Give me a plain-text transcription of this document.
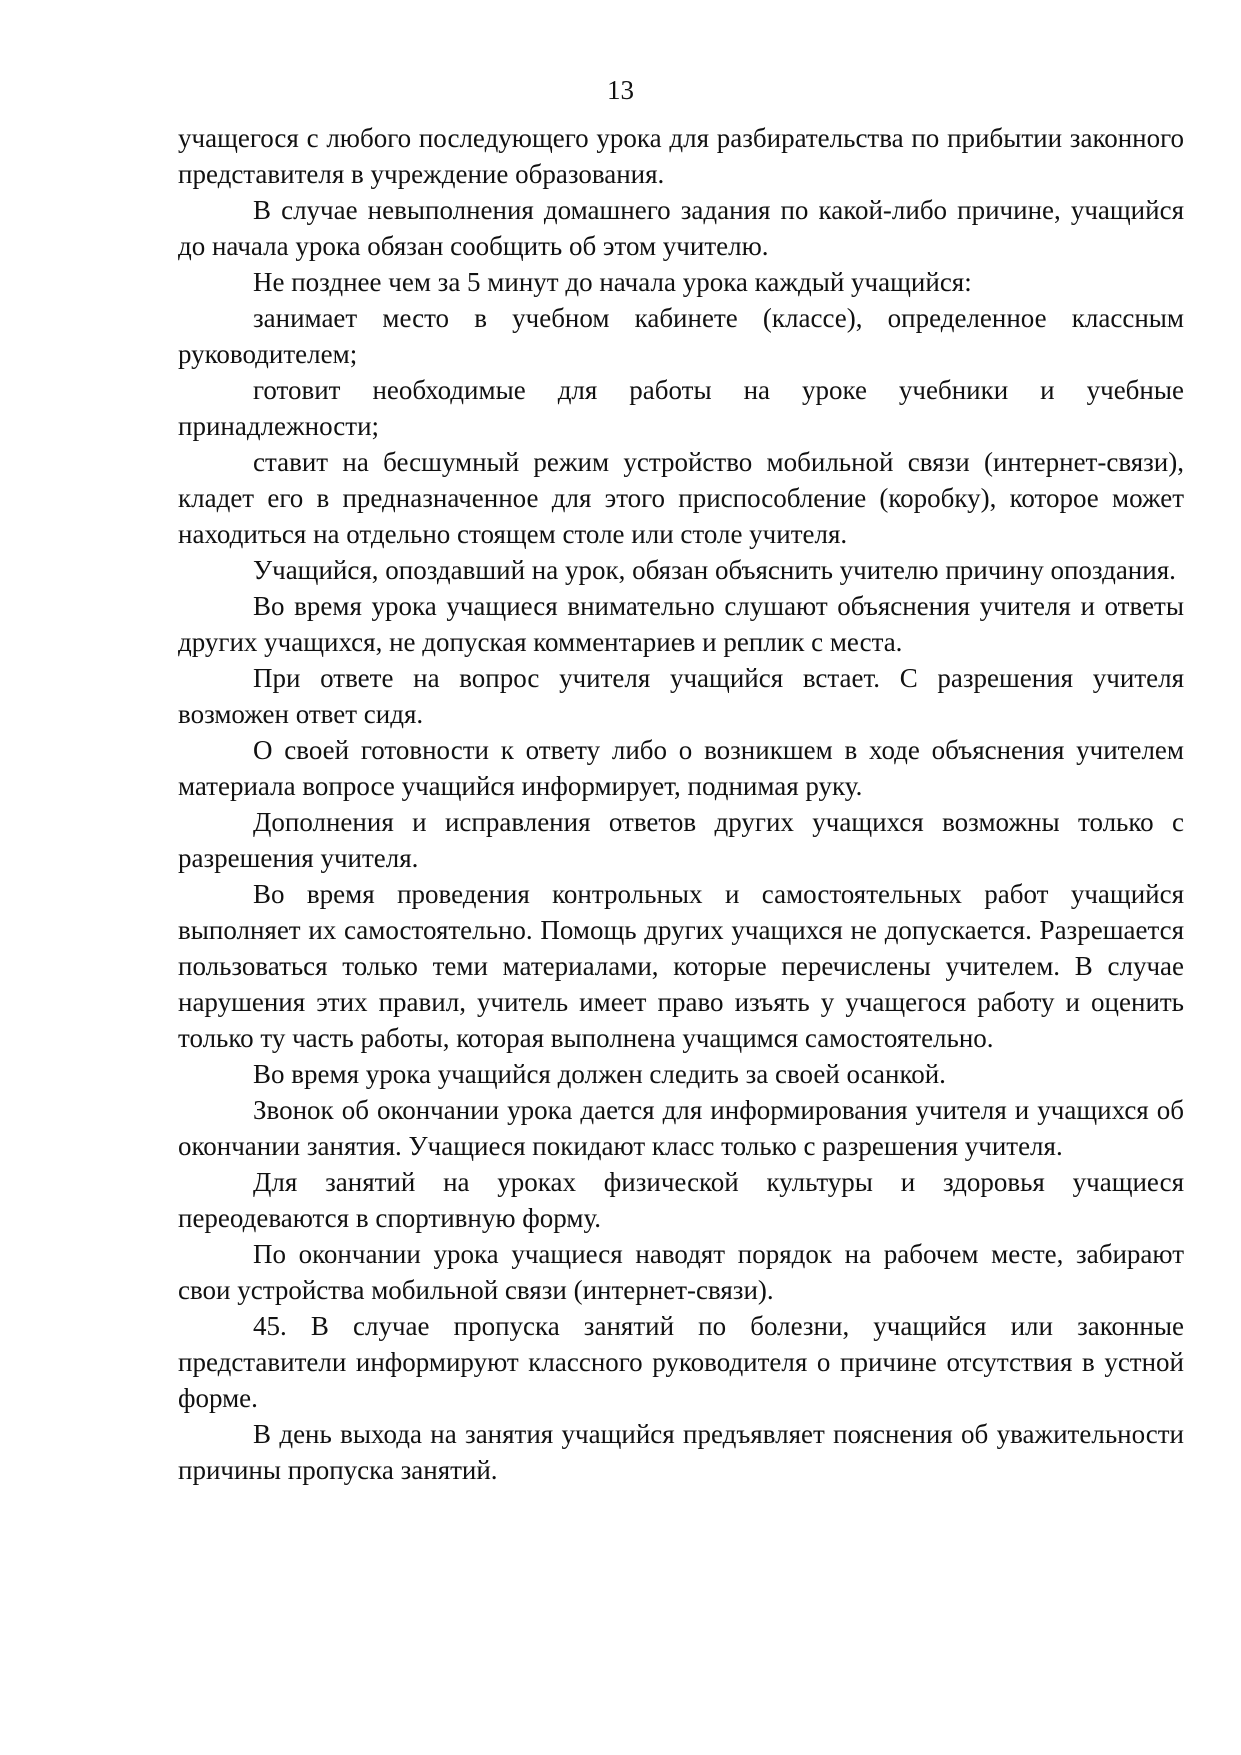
13

учащегося с любого последующего урока для разбирательства по прибытии законного представителя в учреждение образования.

В случае невыполнения домашнего задания по какой-либо причине, учащийся до начала урока обязан сообщить об этом учителю.

Не позднее чем за 5 минут до начала урока каждый учащийся:

занимает место в учебном кабинете (классе), определенное классным руководителем;

готовит необходимые для работы на уроке учебники и учебные принадлежности;

ставит на бесшумный режим устройство мобильной связи (интернет-связи), кладет его в предназначенное для этого приспособление (коробку), которое может находиться на отдельно стоящем столе или столе учителя.

Учащийся, опоздавший на урок, обязан объяснить учителю причину опоздания.

Во время урока учащиеся внимательно слушают объяснения учителя и ответы других учащихся, не допуская комментариев и реплик с места.

При ответе на вопрос учителя учащийся встает. С разрешения учителя возможен ответ сидя.

О своей готовности к ответу либо о возникшем в ходе объяснения учителем материала вопросе учащийся информирует, поднимая руку.

Дополнения и исправления ответов других учащихся возможны только с разрешения учителя.

Во время проведения контрольных и самостоятельных работ учащийся выполняет их самостоятельно. Помощь других учащихся не допускается. Разрешается пользоваться только теми материалами, которые перечислены учителем. В случае нарушения этих правил, учитель имеет право изъять у учащегося работу и оценить только ту часть работы, которая выполнена учащимся самостоятельно.

Во время урока учащийся должен следить за своей осанкой.

Звонок об окончании урока дается для информирования учителя и учащихся об окончании занятия. Учащиеся покидают класс только с разрешения учителя.

Для занятий на уроках физической культуры и здоровья учащиеся переодеваются в спортивную форму.

По окончании урока учащиеся наводят порядок на рабочем месте, забирают свои устройства мобильной связи (интернет-связи).

45. В случае пропуска занятий по болезни, учащийся или законные представители информируют классного руководителя о причине отсутствия в устной форме.

В день выхода на занятия учащийся предъявляет пояснения об уважительности причины пропуска занятий.
